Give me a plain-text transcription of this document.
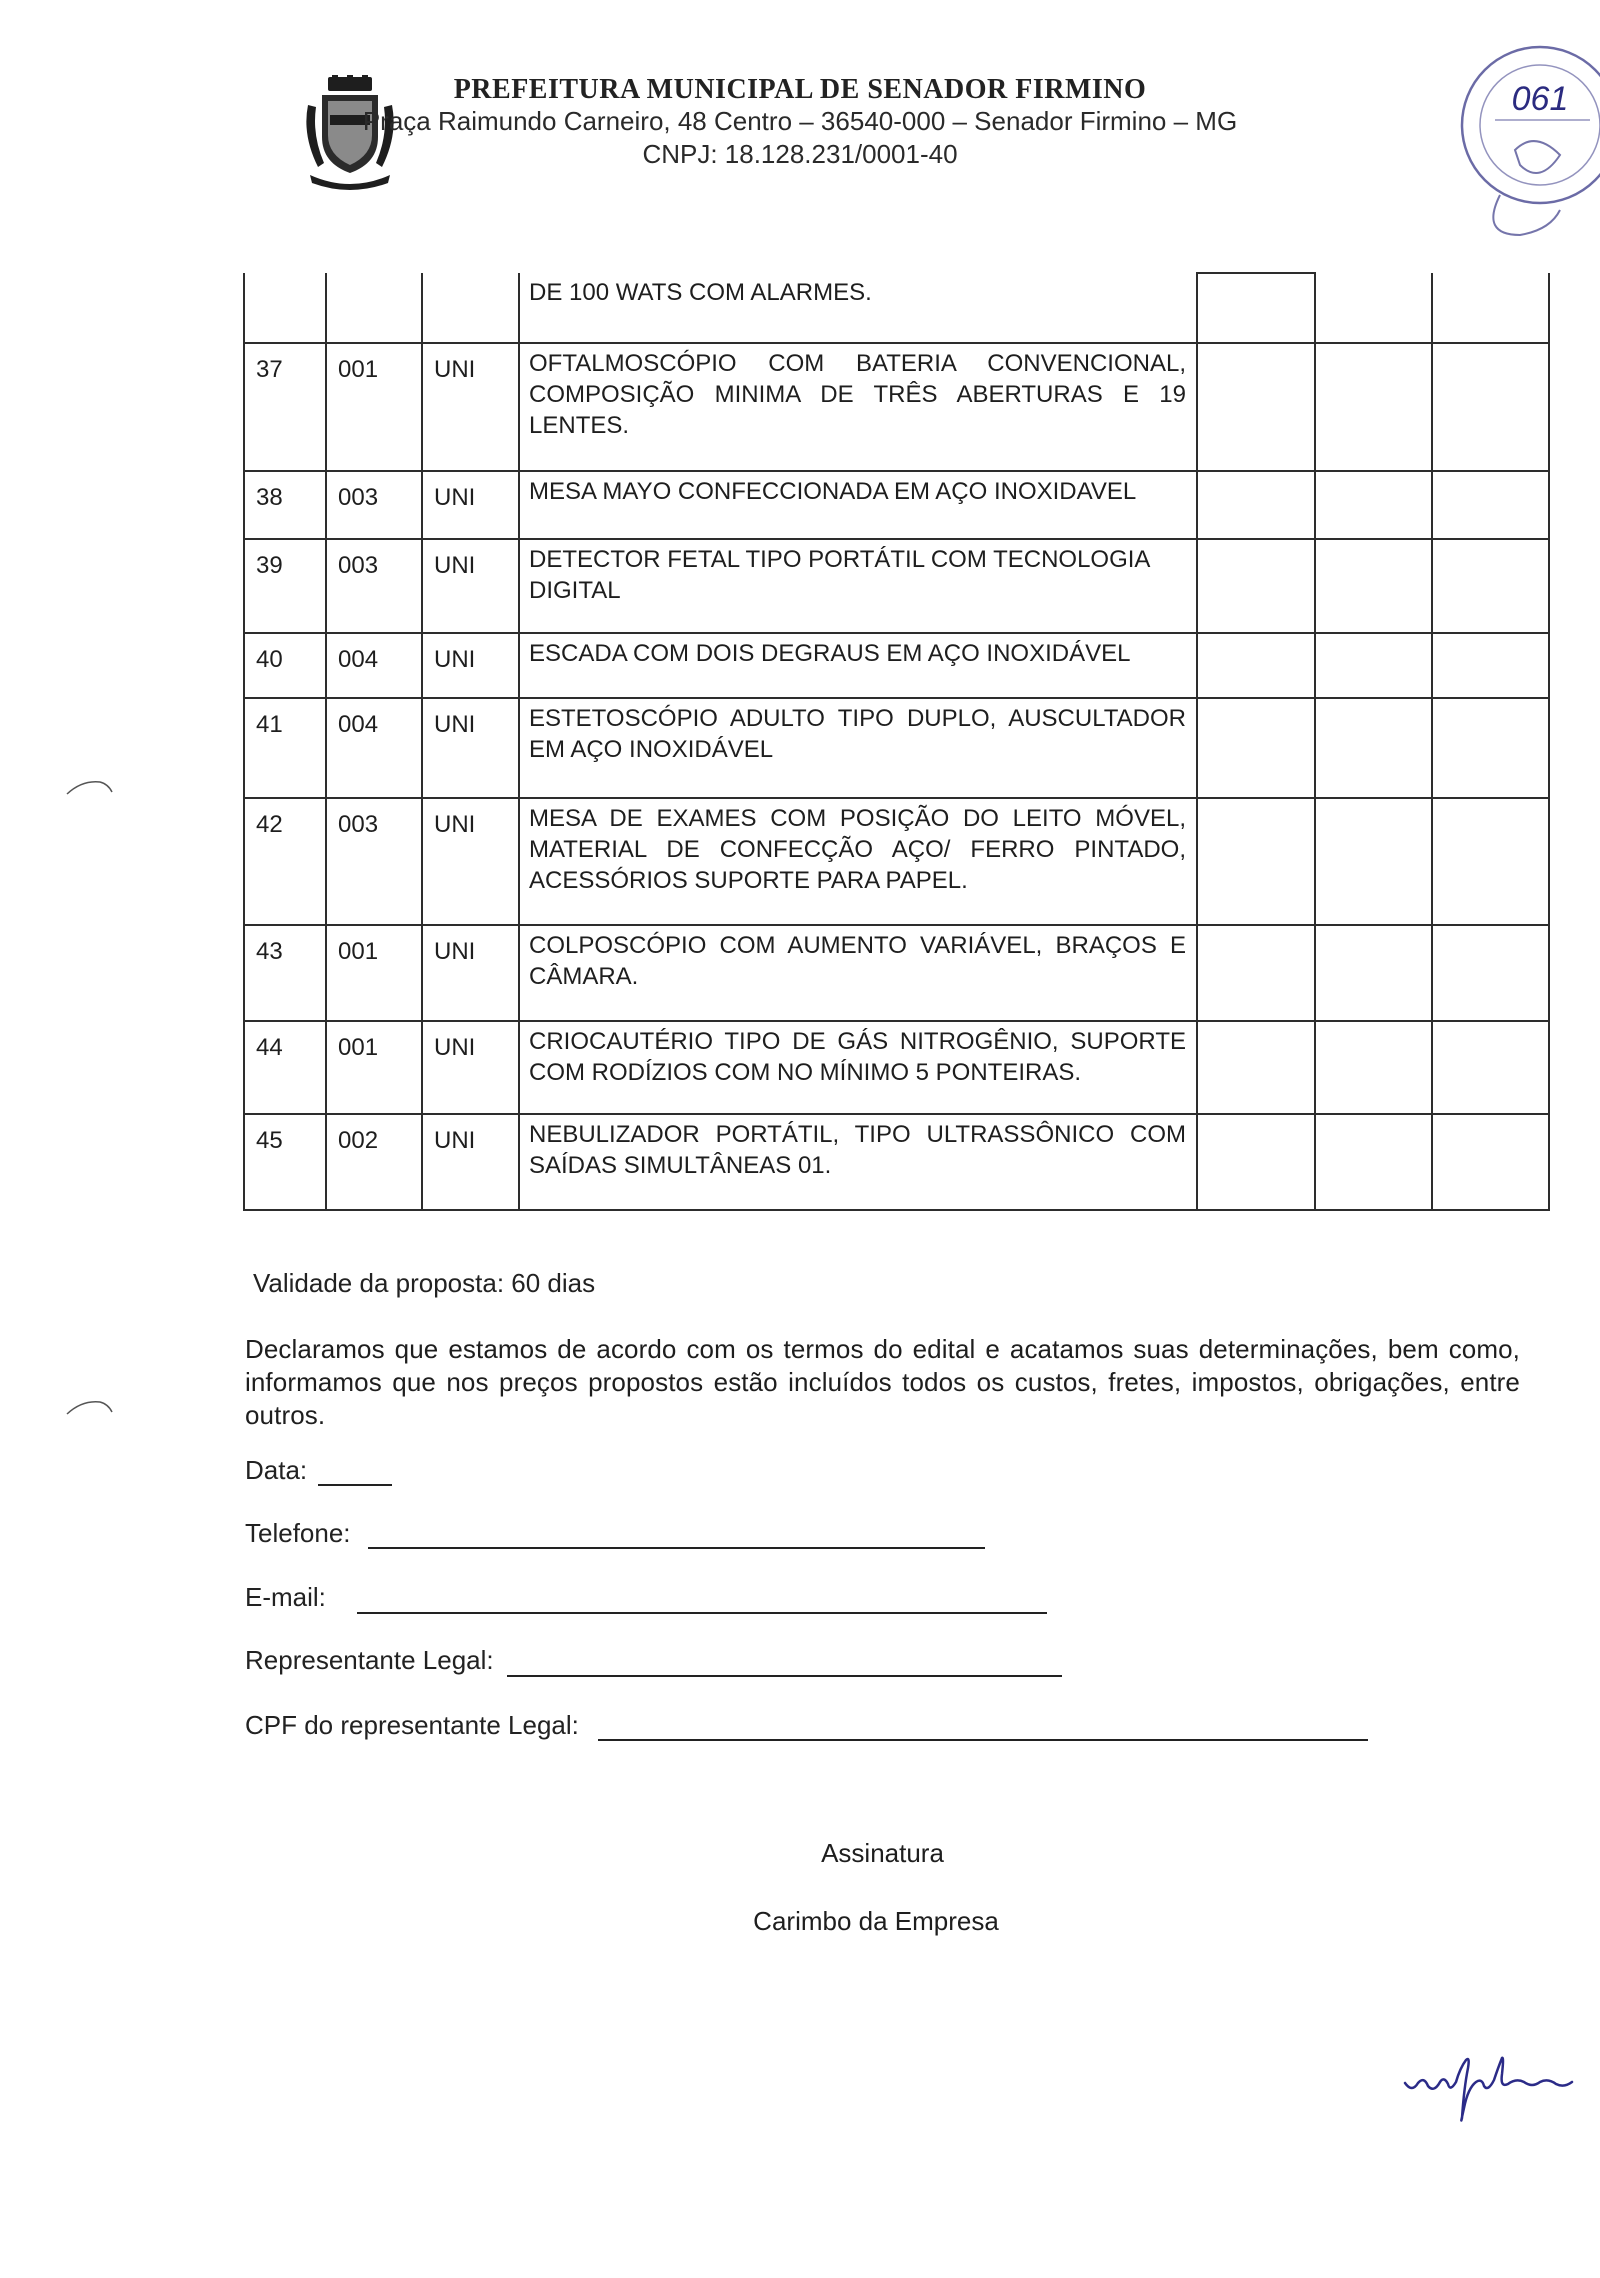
PREFEITURA MUNICIPAL DE SENADOR FIRMINO
Praça Raimundo Carneiro, 48 Centro – 36540-000 – Senador Firmino – MG
CNPJ: 18.128.231/0001-40
061

			DE 100 WATS COM ALARMES.			

37	001	UNI	OFTALMOSCÓPIO COM BATERIA CONVENCIONAL, COMPOSIÇÃO MINIMA DE TRÊS ABERTURAS E 19 LENTES.			

38	003	UNI	MESA MAYO CONFECCIONADA EM AÇO INOXIDAVEL			

39	003	UNI	DETECTOR FETAL TIPO PORTÁTIL COM TECNOLOGIA DIGITAL			

40	004	UNI	ESCADA COM DOIS DEGRAUS EM AÇO INOXIDÁVEL			

41	004	UNI	ESTETOSCÓPIO ADULTO TIPO DUPLO, AUSCULTADOR EM AÇO INOXIDÁVEL			

42	003	UNI	MESA DE EXAMES COM POSIÇÃO DO LEITO MÓVEL, MATERIAL DE CONFECÇÃO AÇO/ FERRO PINTADO, ACESSÓRIOS SUPORTE PARA PAPEL.			

43	001	UNI	COLPOSCÓPIO COM AUMENTO VARIÁVEL, BRAÇOS E CÂMARA.			

44	001	UNI	CRIOCAUTÉRIO TIPO DE GÁS NITROGÊNIO, SUPORTE COM RODÍZIOS COM NO MÍNIMO 5 PONTEIRAS.			

45	002	UNI	NEBULIZADOR PORTÁTIL, TIPO ULTRASSÔNICO COM SAÍDAS SIMULTÂNEAS 01.			

Validade da proposta: 60 dias
Declaramos que estamos de acordo com os termos do edital e acatamos suas determinações, bem como, informamos que nos preços propostos estão incluídos todos os custos, fretes, impostos, obrigações, entre outros.
Data:
Telefone:
E-mail:
Representante Legal:
CPF do representante Legal:
Assinatura
Carimbo da Empresa
